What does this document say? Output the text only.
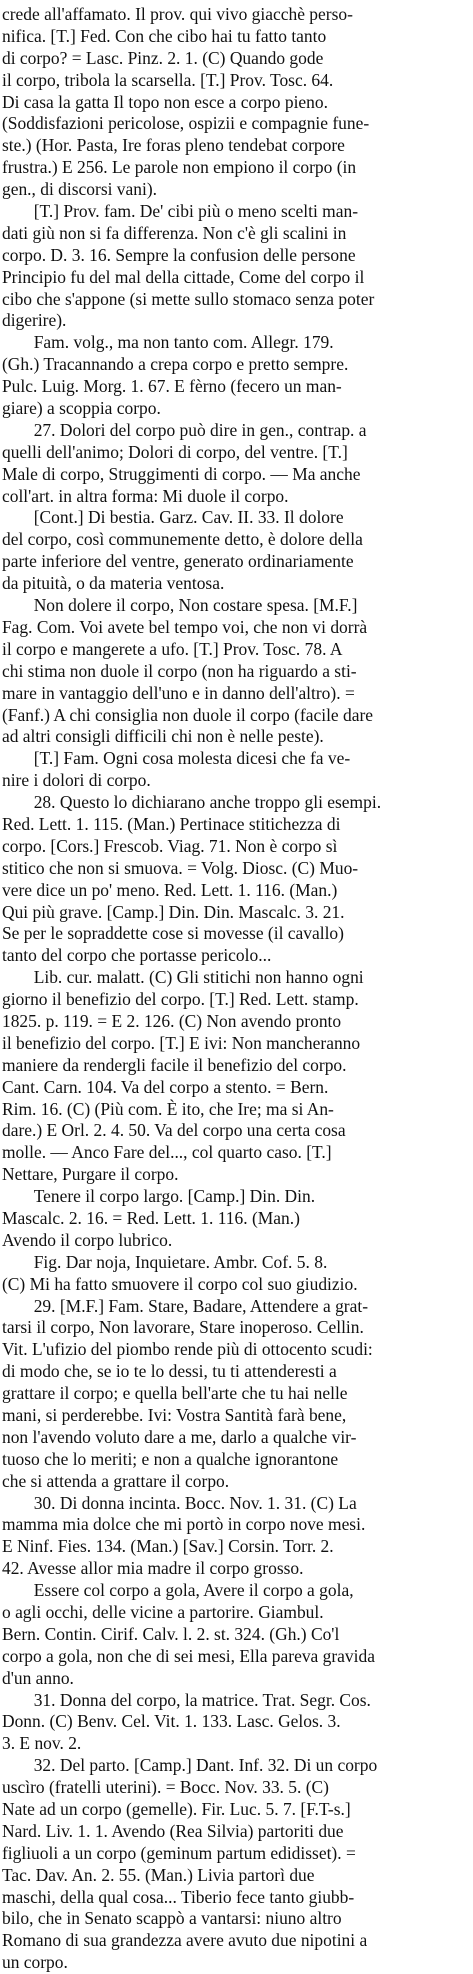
crede all'affamato. Il prov. qui vivo giacchè perso-
nifica. [T.] Fed. Con che cibo hai tu fatto tanto
di corpo? = Lasc. Pinz. 2. 1. (C) Quando gode
il corpo, tribola la scarsella. [T.] Prov. Tosc. 64.
Di casa la gatta Il topo non esce a corpo pieno.
(Soddisfazioni pericolose, ospizii e compagnie fune-
ste.) (Hor. Pasta, Ire foras pleno tendebat corpore
frustra.) E 256. Le parole non empiono il corpo (in
gen., di discorsi vani).
[T.] Prov. fam. De' cibi più o meno scelti man-
dati giù non si fa differenza. Non c'è gli scalini in
corpo. D. 3. 16. Sempre la confusion delle persone
Principio fu del mal della cittade, Come del corpo il
cibo che s'appone (si mette sullo stomaco senza poter
digerire).
Fam. volg., ma non tanto com. Allegr. 179.
(Gh.) Tracannando a crepa corpo e pretto sempre.
Pulc. Luig. Morg. 1. 67. E fèrno (fecero un man-
giare) a scoppia corpo.
27. Dolori del corpo può dire in gen., contrap. a
quelli dell'animo; Dolori di corpo, del ventre. [T.]
Male di corpo, Struggimenti di corpo. — Ma anche
coll'art. in altra forma: Mi duole il corpo.
[Cont.] Di bestia. Garz. Cav. II. 33. Il dolore
del corpo, così communemente detto, è dolore della
parte inferiore del ventre, generato ordinariamente
da pituità, o da materia ventosa.
Non dolere il corpo, Non costare spesa. [M.F.]
Fag. Com. Voi avete bel tempo voi, che non vi dorrà
il corpo e mangerete a ufo. [T.] Prov. Tosc. 78. A
chi stima non duole il corpo (non ha riguardo a sti-
mare in vantaggio dell'uno e in danno dell'altro). =
(Fanf.) A chi consiglia non duole il corpo (facile dare
ad altri consigli difficili chi non è nelle peste).
[T.] Fam. Ogni cosa molesta dicesi che fa ve-
nire i dolori di corpo.
28. Questo lo dichiarano anche troppo gli esempi.
Red. Lett. 1. 115. (Man.) Pertinace stitichezza di
corpo. [Cors.] Frescob. Viag. 71. Non è corpo sì
stitico che non si smuova. = Volg. Diosc. (C) Muo-
vere dice un po' meno. Red. Lett. 1. 116. (Man.)
Qui più grave. [Camp.] Din. Din. Mascalc. 3. 21.
Se per le sopraddette cose si movesse (il cavallo)
tanto del corpo che portasse pericolo...
Lib. cur. malatt. (C) Gli stitichi non hanno ogni
giorno il benefizio del corpo. [T.] Red. Lett. stamp.
1825. p. 119. = E 2. 126. (C) Non avendo pronto
il benefizio del corpo. [T.] E ivi: Non mancheranno
maniere da rendergli facile il benefizio del corpo.
Cant. Carn. 104. Va del corpo a stento. = Bern.
Rim. 16. (C) (Più com. È ito, che Ire; ma si An-
dare.) E Orl. 2. 4. 50. Va del corpo una certa cosa
molle. — Anco Fare del..., col quarto caso. [T.]
Nettare, Purgare il corpo.
Tenere il corpo largo. [Camp.] Din. Din.
Mascalc. 2. 16. = Red. Lett. 1. 116. (Man.)
Avendo il corpo lubrico.
Fig. Dar noja, Inquietare. Ambr. Cof. 5. 8.
(C) Mi ha fatto smuovere il corpo col suo giudizio.
29. [M.F.] Fam. Stare, Badare, Attendere a grat-
tarsi il corpo, Non lavorare, Stare inoperoso. Cellin.
Vit. L'ufizio del piombo rende più di ottocento scudi:
di modo che, se io te lo dessi, tu ti attenderesti a
grattare il corpo; e quella bell'arte che tu hai nelle
mani, si perderebbe. Ivi: Vostra Santità farà bene,
non l'avendo voluto dare a me, darlo a qualche vir-
tuoso che lo meriti; e non a qualche ignorantone
che si attenda a grattare il corpo.
30. Di donna incinta. Bocc. Nov. 1. 31. (C) La
mamma mia dolce che mi portò in corpo nove mesi.
E Ninf. Fies. 134. (Man.) [Sav.] Corsin. Torr. 2.
42. Avesse allor mia madre il corpo grosso.
Essere col corpo a gola, Avere il corpo a gola,
o agli occhi, delle vicine a partorire. Giambul.
Bern. Contin. Cirif. Calv. l. 2. st. 324. (Gh.) Co'l
corpo a gola, non che di sei mesi, Ella pareva gravida
d'un anno.
31. Donna del corpo, la matrice. Trat. Segr. Cos.
Donn. (C) Benv. Cel. Vit. 1. 133. Lasc. Gelos. 3.
3. E nov. 2.
32. Del parto. [Camp.] Dant. Inf. 32. Di un corpo
uscìro (fratelli uterini). = Bocc. Nov. 33. 5. (C)
Nate ad un corpo (gemelle). Fir. Luc. 5. 7. [F.T-s.]
Nard. Liv. 1. 1. Avendo (Rea Silvia) partoriti due
figliuoli a un corpo (geminum partum edidisset). =
Tac. Dav. An. 2. 55. (Man.) Livia partorì due
maschi, della qual cosa... Tiberio fece tanto giubb-
bilo, che in Senato scappò a vantarsi: niuno altro
Romano di sua grandezza avere avuto due nipotini a
un corpo.
